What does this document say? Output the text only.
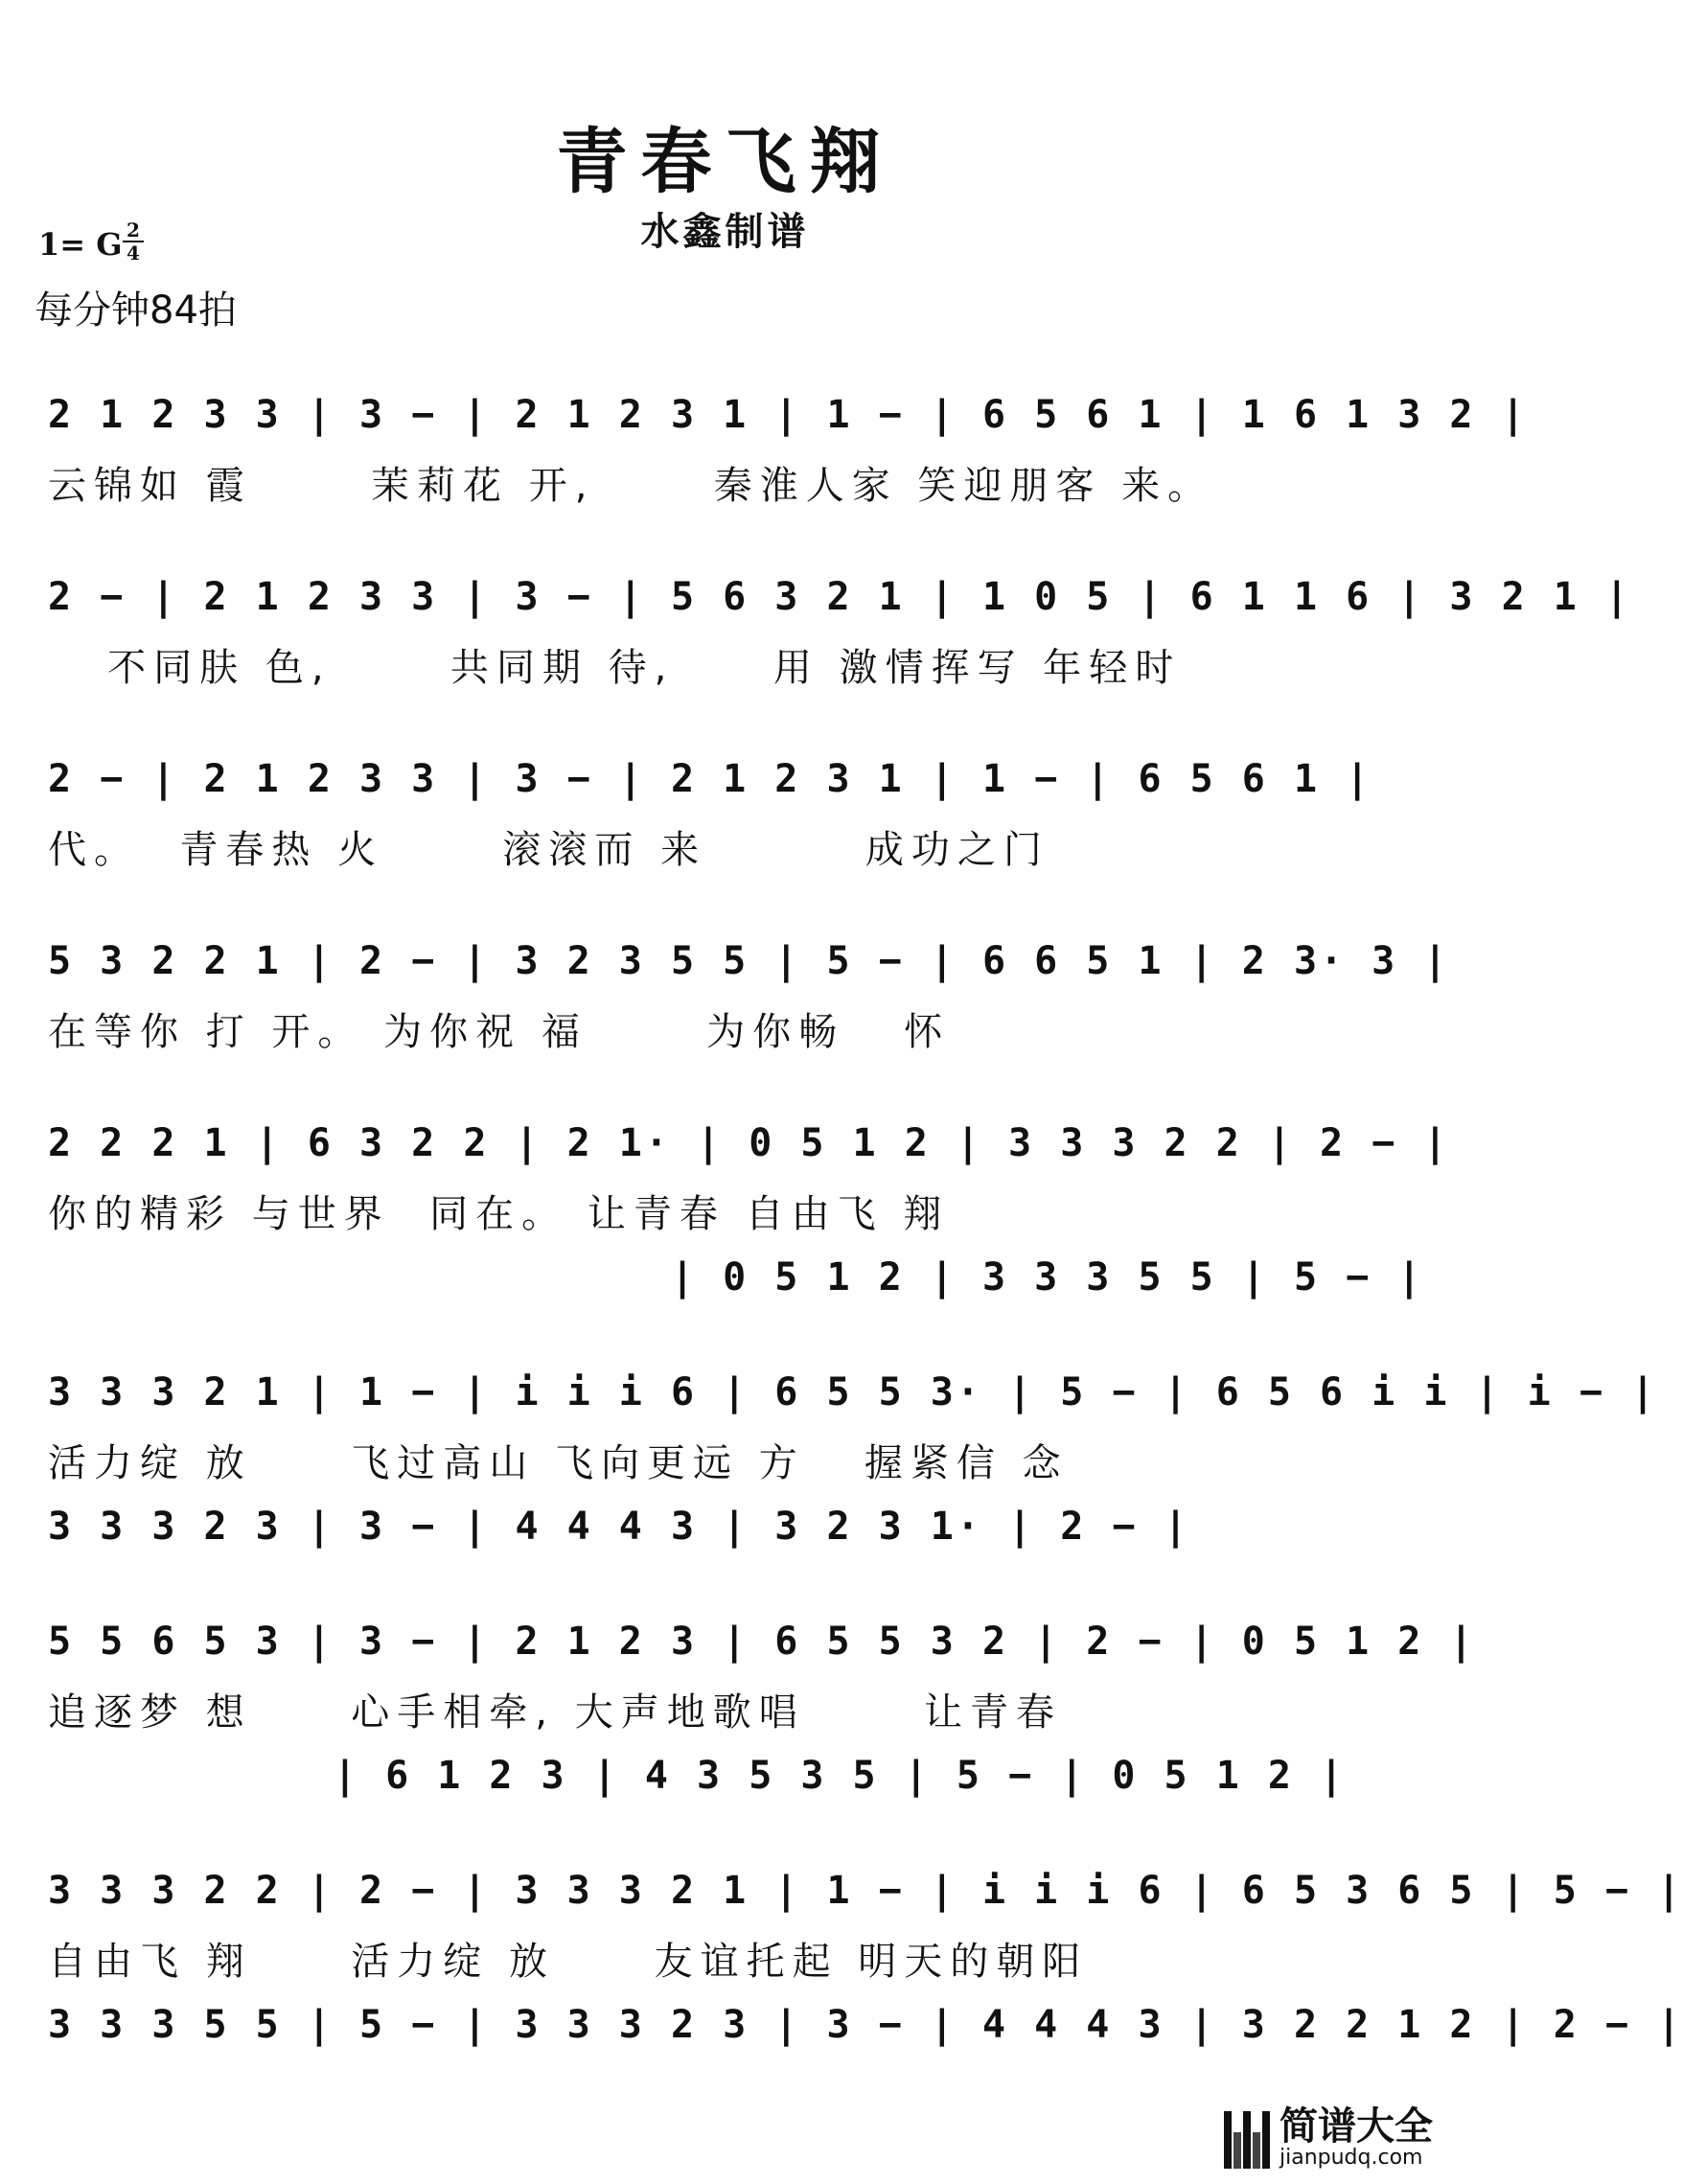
青春飞翔
水鑫制谱
1= G 2
4
每分钟84拍
2 1 2 3 3 | 3 − | 2 1 2 3 1 | 1 − | 6 5 6 1 | 1 6 1 3 2 |
云锦如 霞      茉莉花 开,      秦淮人家 笑迎朋客 来。
2 − | 2 1 2 3 3 | 3 − | 5 6 3 2 1 | 1 0 5 | 6 1 1 6 | 3 2 1 |
不同肤 色,      共同期 待,     用 激情挥写 年轻时
2 − | 2 1 2 3 3 | 3 − | 2 1 2 3 1 | 1 − | 6 5 6 1 |
代。  青春热 火      滚滚而 来        成功之门
5 3 2 2 1 | 2 − | 3 2 3 5 5 | 5 − | 6 6 5 1 | 2 3· 3 |
在等你 打 开。 为你祝 福      为你畅   怀
2 2 2 1 | 6 3 2 2 | 2 1· | 0 5 1 2 | 3 3 3 2 2 | 2 − |
你的精彩 与世界  同在。 让青春 自由飞 翔
| 0 5 1 2 | 3 3 3 5 5 | 5 − |
3 3 3 2 1 | 1 − | i i i 6 | 6 5 5 3· | 5 − | 6 5 6 i i | i − |
活力绽 放     飞过高山 飞向更远 方   握紧信 念
3 3 3 2 3 | 3 − | 4 4 4 3 | 3 2 3 1· | 2 − |
5 5 6 5 3 | 3 − | 2 1 2 3 | 6 5 5 3 2 | 2 − | 0 5 1 2 |
追逐梦 想     心手相牵, 大声地歌唱      让青春
| 6 1 2 3 | 4 3 5 3 5 | 5 − | 0 5 1 2 |
3 3 3 2 2 | 2 − | 3 3 3 2 1 | 1 − | i i i 6 | 6 5 3 6 5 | 5 − |
自由飞 翔     活力绽 放     友谊托起 明天的朝阳
3 3 3 5 5 | 5 − | 3 3 3 2 3 | 3 − | 4 4 4 3 | 3 2 2 1 2 | 2 − |
简谱大全
jianpudq.com
